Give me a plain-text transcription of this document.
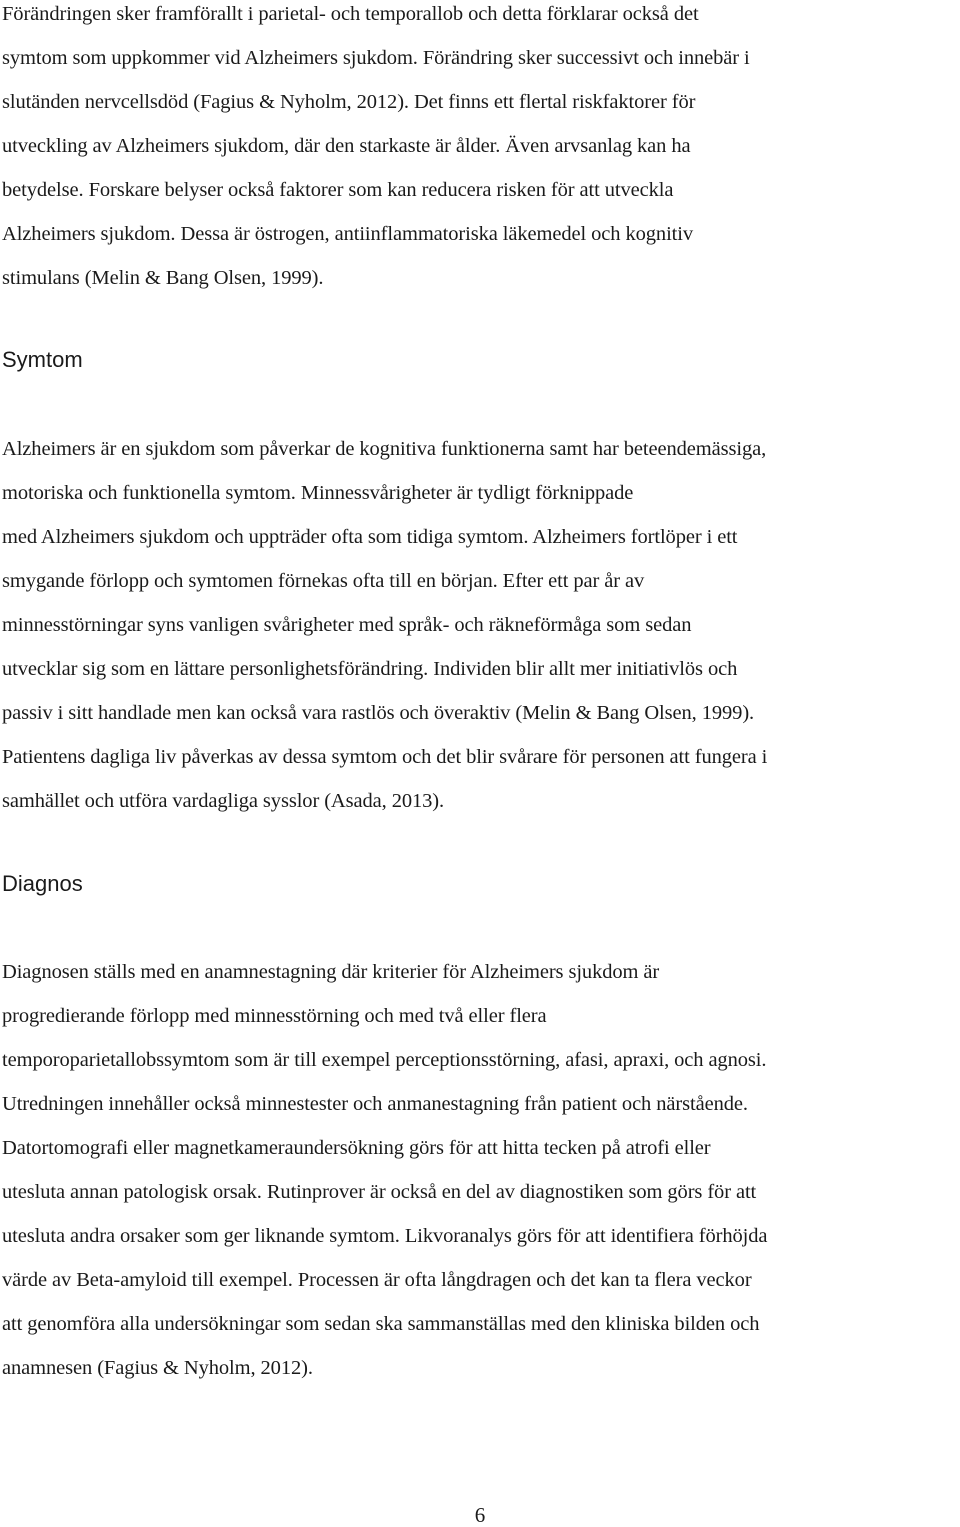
Förändringen sker framförallt i parietal- och temporallob och detta förklarar också det
symtom som uppkommer vid Alzheimers sjukdom. Förändring sker successivt och innebär i
slutänden nervcellsdöd (Fagius & Nyholm, 2012). Det finns ett flertal riskfaktorer för
utveckling av Alzheimers sjukdom, där den starkaste är ålder. Även arvsanlag kan ha
betydelse. Forskare belyser också faktorer som kan reducera risken för att utveckla
Alzheimers sjukdom. Dessa är östrogen, antiinflammatoriska läkemedel och kognitiv
stimulans (Melin & Bang Olsen, 1999).
Symtom
Alzheimers är en sjukdom som påverkar de kognitiva funktionerna samt har beteendemässiga,
motoriska och funktionella symtom. Minnessvårigheter är tydligt förknippade
med Alzheimers sjukdom och uppträder ofta som tidiga symtom. Alzheimers fortlöper i ett
smygande förlopp och symtomen förnekas ofta till en början. Efter ett par år av
minnesstörningar syns vanligen svårigheter med språk- och räkneförmåga som sedan
utvecklar sig som en lättare personlighetsförändring. Individen blir allt mer initiativlös och
passiv i sitt handlade men kan också vara rastlös och överaktiv (Melin & Bang Olsen, 1999).
Patientens dagliga liv påverkas av dessa symtom och det blir svårare för personen att fungera i
samhället och utföra vardagliga sysslor (Asada, 2013).
Diagnos
Diagnosen ställs med en anamnestagning där kriterier för Alzheimers sjukdom är
progredierande förlopp med minnesstörning och med två eller flera
temporoparietallobssymtom som är till exempel perceptionsstörning, afasi, apraxi, och agnosi.
Utredningen innehåller också minnestester och anmanestagning från patient och närstående.
Datortomografi eller magnetkameraundersökning görs för att hitta tecken på atrofi eller
utesluta annan patologisk orsak. Rutinprover är också en del av diagnostiken som görs för att
utesluta andra orsaker som ger liknande symtom. Likvoranalys görs för att identifiera förhöjda
värde av Beta-amyloid till exempel. Processen är ofta långdragen och det kan ta flera veckor
att genomföra alla undersökningar som sedan ska sammanställas med den kliniska bilden och
anamnesen (Fagius & Nyholm, 2012).
6
